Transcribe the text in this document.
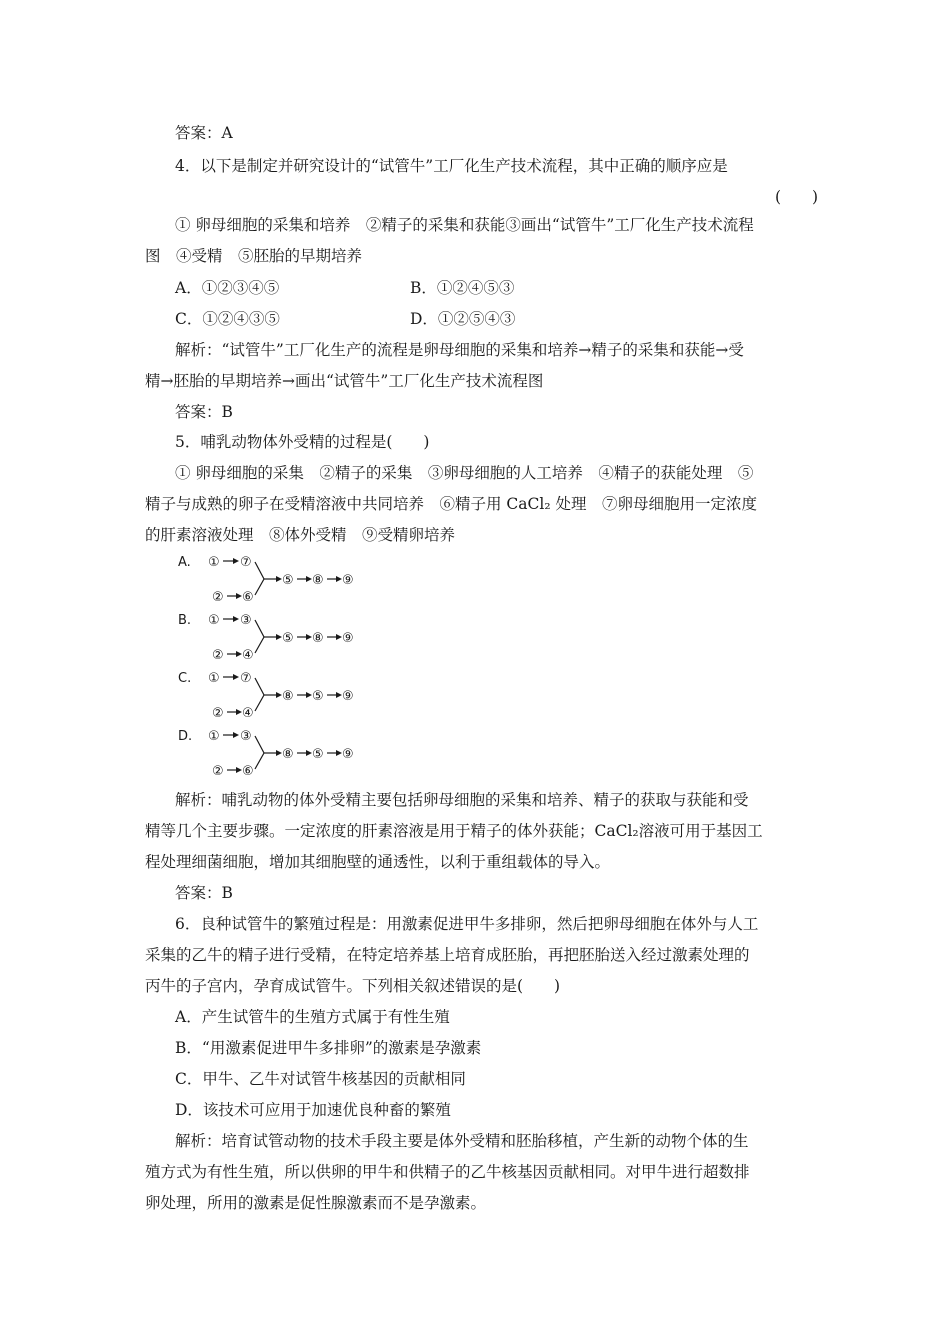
答案：A
4．以下是制定并研究设计的“试管牛”工厂化生产技术流程，其中正确的顺序应是
(　　)
① 卵母细胞的采集和培养　②精子的采集和获能③画出“试管牛”工厂化生产技术流程
图　④受精　⑤胚胎的早期培养
A．①②③④⑤	B．①②④⑤③
C．①②④③⑤	D．①②⑤④③
解析：“试管牛”工厂化生产的流程是卵母细胞的采集和培养→精子的采集和获能→受
精→胚胎的早期培养→画出“试管牛”工厂化生产技术流程图
答案：B
5．哺乳动物体外受精的过程是(　　)
① 卵母细胞的采集　②精子的采集　③卵母细胞的人工培养　④精子的获能处理　⑤
精子与成熟的卵子在受精溶液中共同培养　⑥精子用 CaCl₂ 处理　⑦卵母细胞用一定浓度
的肝素溶液处理　⑧体外受精　⑨受精卵培养
A. ① ⑦
② ⑥
⑤ ⑧ ⑨
B. ① ③
② ④
⑤ ⑧ ⑨
C. ① ⑦
② ④
⑧ ⑤ ⑨
D. ① ③
② ⑥
⑧ ⑤ ⑨
解析：哺乳动物的体外受精主要包括卵母细胞的采集和培养、精子的获取与获能和受
精等几个主要步骤。一定浓度的肝素溶液是用于精子的体外获能；CaCl₂溶液可用于基因工
程处理细菌细胞，增加其细胞壁的通透性，以利于重组载体的导入。
答案：B
6．良种试管牛的繁殖过程是：用激素促进甲牛多排卵，然后把卵母细胞在体外与人工
采集的乙牛的精子进行受精，在特定培养基上培育成胚胎，再把胚胎送入经过激素处理的
丙牛的子宫内，孕育成试管牛。下列相关叙述错误的是(　　)
A．产生试管牛的生殖方式属于有性生殖
B．“用激素促进甲牛多排卵”的激素是孕激素
C．甲牛、乙牛对试管牛核基因的贡献相同
D．该技术可应用于加速优良种畜的繁殖
解析：培育试管动物的技术手段主要是体外受精和胚胎移植，产生新的动物个体的生
殖方式为有性生殖，所以供卵的甲牛和供精子的乙牛核基因贡献相同。对甲牛进行超数排
卵处理，所用的激素是促性腺激素而不是孕激素。
